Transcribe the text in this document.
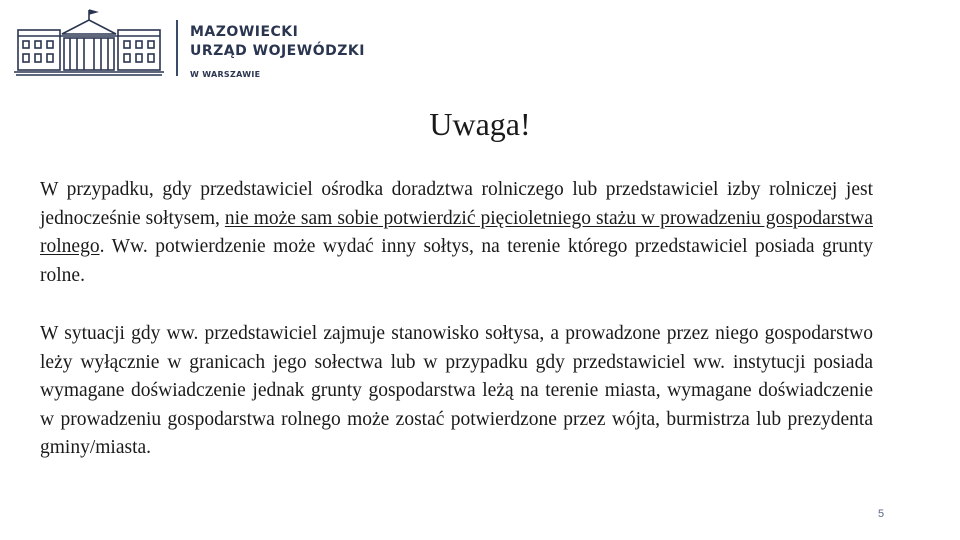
MAZOWIECKI
URZĄD WOJEWÓDZKI
W WARSZAWIE
Uwaga!
W przypadku, gdy przedstawiciel ośrodka doradztwa rolniczego lub przedstawiciel izby rolniczej jest jednocześnie sołtysem, nie może sam sobie potwierdzić pięcioletniego stażu w prowadzeniu gospodarstwa rolnego. Ww. potwierdzenie może wydać inny sołtys, na terenie którego przedstawiciel posiada grunty rolne.
W sytuacji gdy ww. przedstawiciel zajmuje stanowisko sołtysa, a prowadzone przez niego gospodarstwo leży wyłącznie w granicach jego sołectwa lub w przypadku gdy przedstawiciel ww. instytucji posiada wymagane doświadczenie jednak grunty gospodarstwa leżą na terenie miasta, wymagane doświadczenie w prowadzeniu gospodarstwa rolnego może zostać potwierdzone przez wójta, burmistrza lub prezydenta gminy/miasta.
5
